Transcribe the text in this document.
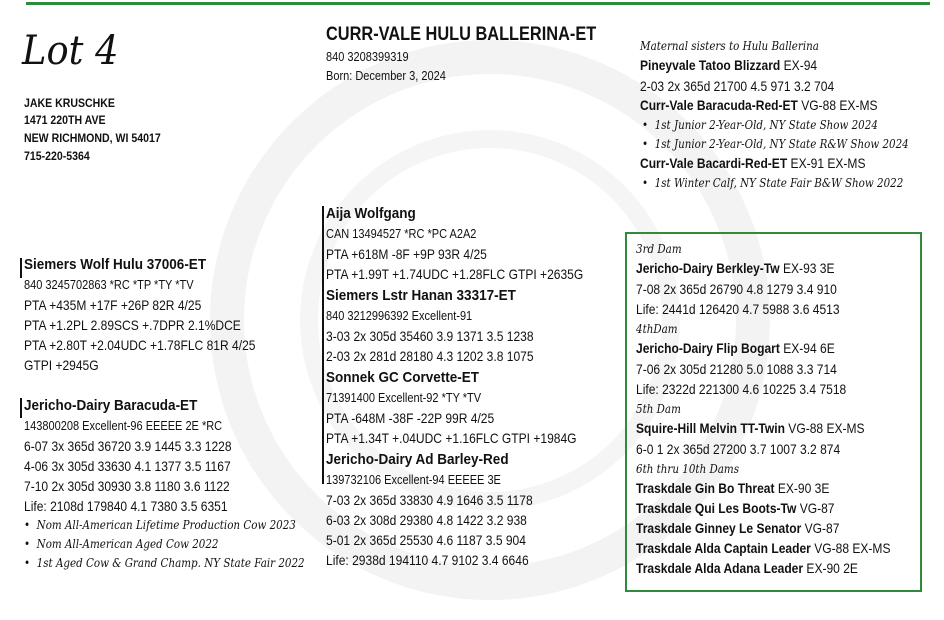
Lot 4
JAKE KRUSCHKE
1471 220TH AVE
NEW RICHMOND, WI 54017
715-220-5364
CURR-VALE HULU BALLERINA-ET
840 3208399319
Born: December 3, 2024
Maternal sisters to Hulu Ballerina
Pineyvale Tatoo Blizzard EX-94
2-03 2x 365d 21700 4.5 971 3.2 704
Curr-Vale Baracuda-Red-ET VG-88 EX-MS
•  1st Junior 2-Year-Old, NY State Show 2024
•  1st Junior 2-Year-Old, NY State R&W Show 2024
Curr-Vale Bacardi-Red-ET EX-91 EX-MS
•  1st Winter Calf, NY State Fair B&W Show 2022
Siemers Wolf Hulu 37006-ET
840 3245702863 *RC *TP *TY *TV
PTA +435M +17F +26P 82R 4/25
PTA +1.2PL 2.89SCS +.7DPR 2.1%DCE
PTA +2.80T +2.04UDC +1.78FLC 81R 4/25
GTPI +2945G
Aija Wolfgang
CAN 13494527 *RC *PC A2A2
PTA +618M -8F +9P 93R 4/25
PTA +1.99T +1.74UDC +1.28FLC GTPI +2635G
Siemers Lstr Hanan 33317-ET
840 3212996392 Excellent-91
3-03 2x 305d 35460 3.9 1371 3.5 1238
2-03 2x 281d 28180 4.3 1202 3.8 1075
Jericho-Dairy Baracuda-ET
143800208 Excellent-96 EEEEE 2E *RC
6-07 3x 365d 36720 3.9 1445 3.3 1228
4-06 3x 305d 33630 4.1 1377 3.5 1167
7-10 2x 305d 30930 3.8 1180 3.6 1122
Life: 2108d 179840 4.1 7380 3.5 6351
•  Nom All-American Lifetime Production Cow 2023
•  Nom All-American Aged Cow 2022
•  1st Aged Cow & Grand Champ. NY State Fair 2022
Sonnek GC Corvette-ET
71391400 Excellent-92 *TY *TV
PTA -648M -38F -22P 99R 4/25
PTA +1.34T +.04UDC +1.16FLC GTPI +1984G
Jericho-Dairy Ad Barley-Red
139732106 Excellent-94 EEEEE 3E
7-03 2x 365d 33830 4.9 1646 3.5 1178
6-03 2x 308d 29380 4.8 1422 3.2 938
5-01 2x 365d 25530 4.6 1187 3.5 904
Life: 2938d 194110 4.7 9102 3.4 6646
3rd Dam
Jericho-Dairy Berkley-Tw EX-93 3E
7-08 2x 365d 26790 4.8 1279 3.4 910
Life: 2441d 126420 4.7 5988 3.6 4513
4thDam
Jericho-Dairy Flip Bogart EX-94 6E
7-06 2x 305d 21280 5.0 1088 3.3 714
Life: 2322d 221300 4.6 10225 3.4 7518
5th Dam
Squire-Hill Melvin TT-Twin VG-88 EX-MS
6-0 1 2x 365d 27200 3.7 1007 3.2 874
6th thru 10th Dams
Traskdale Gin Bo Threat EX-90 3E
Traskdale Qui Les Boots-Tw VG-87
Traskdale Ginney Le Senator VG-87
Traskdale Alda Captain Leader VG-88 EX-MS
Traskdale Alda Adana Leader EX-90 2E
